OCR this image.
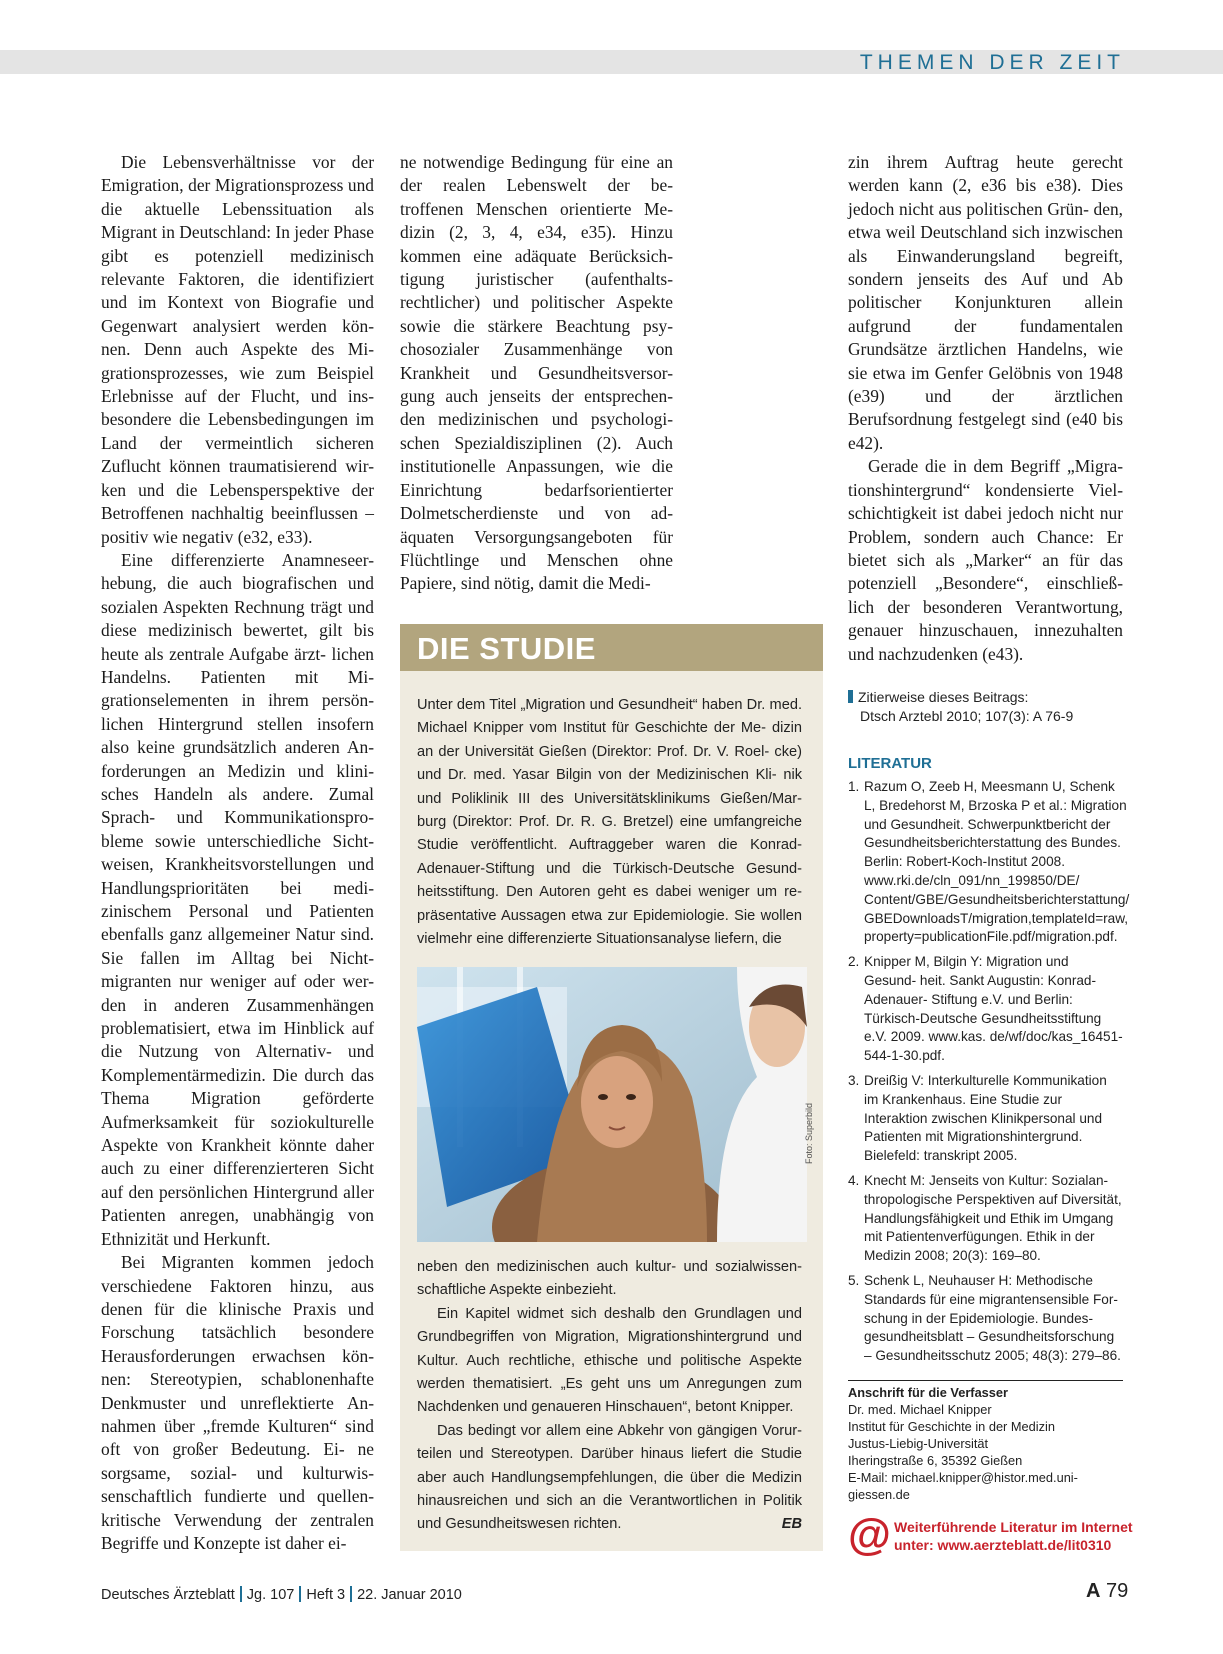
THEMEN DER ZEIT

Die Lebensverhältnisse vor der Emigration, der Migrationsprozess und die aktuelle Lebenssituation als Migrant in Deutschland: In jeder Phase gibt es potenziell medizinisch relevante Faktoren, die identifiziert und im Kontext von Biografie und Gegenwart analysiert werden kön- nen. Denn auch Aspekte des Mi- grationsprozesses, wie zum Beispiel Erlebnisse auf der Flucht, und ins- besondere die Lebensbedingungen im Land der vermeintlich sicheren Zuflucht können traumatisierend wir- ken und die Lebensperspektive der Betroffenen nachhaltig beeinflussen – positiv wie negativ (e32, e33).

Eine differenzierte Anamneseer- hebung, die auch biografischen und sozialen Aspekten Rechnung trägt und diese medizinisch bewertet, gilt bis heute als zentrale Aufgabe ärzt- lichen Handelns. Patienten mit Mi- grationselementen in ihrem persön- lichen Hintergrund stellen insofern also keine grundsätzlich anderen An- forderungen an Medizin und klini- sches Handeln als andere. Zumal Sprach- und Kommunikationspro- bleme sowie unterschiedliche Sicht- weisen, Krankheitsvorstellungen und Handlungsprioritäten bei medi- zinischem Personal und Patienten ebenfalls ganz allgemeiner Natur sind. Sie fallen im Alltag bei Nicht- migranten nur weniger auf oder wer- den in anderen Zusammenhängen problematisiert, etwa im Hinblick auf die Nutzung von Alternativ- und Komplementärmedizin. Die durch das Thema Migration geförderte Aufmerksamkeit für soziokulturelle Aspekte von Krankheit könnte daher auch zu einer differenzierteren Sicht auf den persönlichen Hintergrund aller Patienten anregen, unabhängig von Ethnizität und Herkunft.

Bei Migranten kommen jedoch verschiedene Faktoren hinzu, aus denen für die klinische Praxis und Forschung tatsächlich besondere Herausforderungen erwachsen kön- nen: Stereotypien, schablonenhafte Denkmuster und unreflektierte An- nahmen über „fremde Kulturen“ sind oft von großer Bedeutung. Ei- ne sorgsame, sozial- und kulturwis- senschaftlich fundierte und quellen- kritische Verwendung der zentralen Begriffe und Konzepte ist daher ei-

ne notwendige Bedingung für eine an der realen Lebenswelt der be- troffenen Menschen orientierte Me- dizin (2, 3, 4, e34, e35). Hinzu kommen eine adäquate Berücksich- tigung juristischer (aufenthalts- rechtlicher) und politischer Aspekte sowie die stärkere Beachtung psy- chosozialer Zusammenhänge von Krankheit und Gesundheitsversor- gung auch jenseits der entsprechen- den medizinischen und psychologi- schen Spezialdisziplinen (2). Auch institutionelle Anpassungen, wie die Einrichtung bedarfsorientierter Dolmetscherdienste und von ad- äquaten Versorgungsangeboten für Flüchtlinge und Menschen ohne Papiere, sind nötig, damit die Medi-

DIE STUDIE

Unter dem Titel „Migration und Gesundheit“ haben Dr. med. Michael Knipper vom Institut für Geschichte der Me- dizin an der Universität Gießen (Direktor: Prof. Dr. V. Roel- cke) und Dr. med. Yasar Bilgin von der Medizinischen Kli- nik und Poliklinik III des Universitätsklinikums Gießen/Mar- burg (Direktor: Prof. Dr. R. G. Bretzel) eine umfangreiche Studie veröffentlicht. Auftraggeber waren die Konrad- Adenauer-Stiftung und die Türkisch-Deutsche Gesund- heitsstiftung. Den Autoren geht es dabei weniger um re- präsentative Aussagen etwa zur Epidemiologie. Sie wollen vielmehr eine differenzierte Situationsanalyse liefern, die

Foto: Superbild

neben den medizinischen auch kultur- und sozialwissen- schaftliche Aspekte einbezieht.

Ein Kapitel widmet sich deshalb den Grundlagen und Grundbegriffen von Migration, Migrationshintergrund und Kultur. Auch rechtliche, ethische und politische Aspekte werden thematisiert. „Es geht uns um Anregungen zum Nachdenken und genaueren Hinschauen“, betont Knipper.

Das bedingt vor allem eine Abkehr von gängigen Vorur- teilen und Stereotypen. Darüber hinaus liefert die Studie aber auch Handlungsempfehlungen, die über die Medizin hinausreichen und sich an die Verantwortlichen in Politik und Gesundheitswesen richten.	EB

zin ihrem Auftrag heute gerecht werden kann (2, e36 bis e38). Dies jedoch nicht aus politischen Grün- den, etwa weil Deutschland sich inzwischen als Einwanderungsland begreift, sondern jenseits des Auf und Ab politischer Konjunkturen allein aufgrund der fundamentalen Grundsätze ärztlichen Handelns, wie sie etwa im Genfer Gelöbnis von 1948 (e39) und der ärztlichen Berufsordnung festgelegt sind (e40 bis e42).

Gerade die in dem Begriff „Migra- tionshintergrund“ kondensierte Viel- schichtigkeit ist dabei jedoch nicht nur Problem, sondern auch Chance: Er bietet sich als „Marker“ an für das potenziell „Besondere“, einschließ- lich der besonderen Verantwortung, genauer hinzuschauen, innezuhalten und nachzudenken (e43).

Zitierweise dieses Beitrags:
Dtsch Arztebl 2010; 107(3): A 76-9
LITERATUR
1. Razum O, Zeeb H, Meesmann U, Schenk L, Bredehorst M, Brzoska P et al.: Migration und Gesundheit. Schwerpunktbericht der Gesundheitsberichterstattung des Bundes. Berlin: Robert-Koch-Institut 2008. www.rki.de/cln_091/nn_199850/DE/ Content/GBE/Gesundheitsberichterstattung/ GBEDownloadsT/migration,templateId=raw, property=publicationFile.pdf/migration.pdf.
2. Knipper M, Bilgin Y: Migration und Gesund- heit. Sankt Augustin: Konrad-Adenauer- Stiftung e.V. und Berlin: Türkisch-Deutsche Gesundheitsstiftung e.V. 2009. www.kas. de/wf/doc/kas_16451-544-1-30.pdf.
3. Dreißig V: Interkulturelle Kommunikation im Krankenhaus. Eine Studie zur Interaktion zwischen Klinikpersonal und Patienten mit Migrationshintergrund. Bielefeld: transkript 2005.
4. Knecht M: Jenseits von Kultur: Sozialan- thropologische Perspektiven auf Diversität, Handlungsfähigkeit und Ethik im Umgang mit Patientenverfügungen. Ethik in der Medizin 2008; 20(3): 169–80.
5. Schenk L, Neuhauser H: Methodische Standards für eine migrantensensible For- schung in der Epidemiologie. Bundes- gesundheitsblatt – Gesundheitsforschung – Gesundheitsschutz 2005; 48(3): 279–86.
Anschrift für die Verfasser
Dr. med. Michael Knipper
Institut für Geschichte in der Medizin
Justus-Liebig-Universität
Iheringstraße 6, 35392 Gießen
E-Mail: michael.knipper@histor.med.uni-giessen.de
@ Weiterführende Literatur im Internet
unter: www.aerzteblatt.de/lit0310
Deutsches Ärzteblatt Jg. 107 Heft 3 22. Januar 2010	A 79
